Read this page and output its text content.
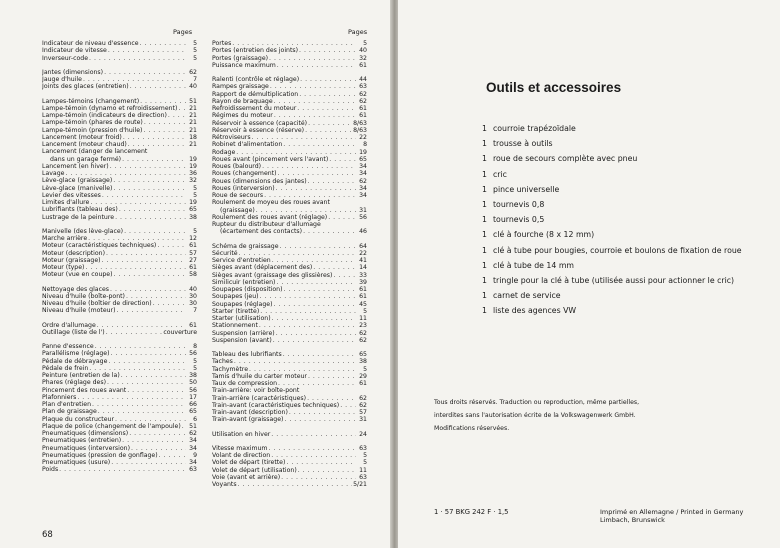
Pages	Pages
Indicateur de niveau d'essence . . .	5
Indicateur de vitesse . . .	5
Inverseur-code . . .	5
Jantes (dimensions) . . .	62
Jauge d'huile . . .	7
Joints des glaces (entretien) . . .	40
Lampes-témoins (changement) . . .	51
Lampe-témoin (dynamo et refroidissement) . . .	21
Lampe-témoin (indicateurs de direction) . . .	21
Lampe-témoin (phares de route) . . .	21
Lampe-témoin (pression d'huile) . . .	21
Lancement (moteur froid) . . .	18
Lancement (moteur chaud) . . .	21
Lancement (danger de lancement
dans un garage fermé) . . .	19
Lancement (en hiver) . . .	19
Lavage . . .	36
Lève-glace (graissage) . . .	32
Lève-glace (manivelle) . . .	5
Levier des vitesses . . .	5
Limites d'allure . . .	19
Lubrifiants (tableau des) . . .	65
Lustrage de la peinture . . .	38
Manivelle (des lève-glace) . . .	5
Marche arrière . . .	12
Moteur (caractéristiques techniques) . . .	61
Moteur (description) . . .	57
Moteur (graissage) . . .	27
Moteur (type) . . .	61
Moteur (vue en coupe) . . .	58
Nettoyage des glaces . . .	40
Niveau d'huile (boîte-pont) . . .	30
Niveau d'huile (boîtier de direction) . . .	30
Niveau d'huile (moteur) . . .	7
Ordre d'allumage . . .	61
Outillage (liste de l') . . .	couverture
Panne d'essence . . .	8
Parallélisme (réglage) . . .	56
Pédale de débrayage . . .	5
Pédale de frein . . .	5
Peinture (entretien de la) . . .	38
Phares (réglage des) . . .	50
Pincement des roues avant . . .	56
Plafonniers . . .	17
Plan d'entretien . . .	66
Plan de graissage . . .	65
Plaque du constructeur . . .	6
Plaque de police (changement de l'ampoule) . . .	51
Pneumatiques (dimensions) . . .	62
Pneumatiques (entretien) . . .	34
Pneumatiques (interversion) . . .	34
Pneumatiques (pression de gonflage) . . .	9
Pneumatiques (usure) . . .	34
Poids . . .	63
Portes . . .	5
Portes (entretien des joints) . . .	40
Portes (graissage) . . .	32
Puissance maximum . . .	61
Ralenti (contrôle et réglage) . . .	44
Rampes graissage . . .	63
Rapport de démultiplication . . .	62
Rayon de braquage . . .	62
Refroidissement du moteur . . .	61
Régimes du moteur . . .	61
Réservoir à essence (capacité) . . .	8/63
Réservoir à essence (réserve) . . .	8/63
Rétroviseurs . . .	22
Robinet d'alimentation . . .	8
Rodage . . .	19
Roues avant (pincement vers l'avant) . . .	65
Roues (balourd) . . .	34
Roues (changement) . . .	34
Roues (dimensions des jantes) . . .	62
Roues (interversion) . . .	34
Roue de secours . . .	34
Roulement de moyeu des roues avant
(graissage) . . .	31
Roulement des roues avant (réglage) . . .	56
Rupteur du distributeur d'allumage
(écartement des contacts) . . .	46
Schéma de graissage . . .	64
Sécurité . . .	22
Service d'entretien . . .	41
Sièges avant (déplacement des) . . .	14
Sièges avant (graissage des glissières) . . .	33
Similicuir (entretien) . . .	39
Soupapes (disposition) . . .	61
Soupapes (jeu) . . .	61
Soupapes (réglage) . . .	45
Starter (tirette) . . .	5
Starter (utilisation) . . .	11
Stationnement . . .	23
Suspension (arrière) . . .	62
Suspension (avant) . . .	62
Tableau des lubrifiants . . .	65
Taches . . .	38
Tachymètre . . .	5
Tamis d'huile du carter moteur . . .	29
Taux de compression . . .	61
Train-arrière: voir boîte-pont
Train-arrière (caractéristiques) . . .	62
Train-avant (caractéristiques techniques) . . .	62
Train-avant (description) . . .	57
Train-avant (graissage) . . .	31
Utilisation en hiver . . .	24
Vitesse maximum . . .	63
Volant de direction . . .	5
Volet de départ (tirette) . . .	5
Volet de départ (utilisation) . . .	11
Voie (avant et arrière) . . .	63
Voyants . . .	5/21
68
Outils et accessoires
1 courroie trapézoïdale
1 trousse à outils
1 roue de secours complète avec pneu
1 cric
1 pince universelle
1 tournevis 0,8
1 tournevis 0,5
1 clé à fourche (8 x 12 mm)
1 clé à tube pour bougies, courroie et boulons de fixation de roue
1 clé à tube de 14 mm
1 tringle pour la clé à tube (utilisée aussi pour actionner le cric)
1 carnet de service
1 liste des agences VW
Tous droits réservés. Traduction ou reproduction, même partielles,
interdites sans l'autorisation écrite de la Volkswagenwerk GmbH.
Modifications réservées.
1 · 57 BKG 242 F · 1,5	Imprimé en Allemagne / Printed in Germany
Limbach, Brunswick
